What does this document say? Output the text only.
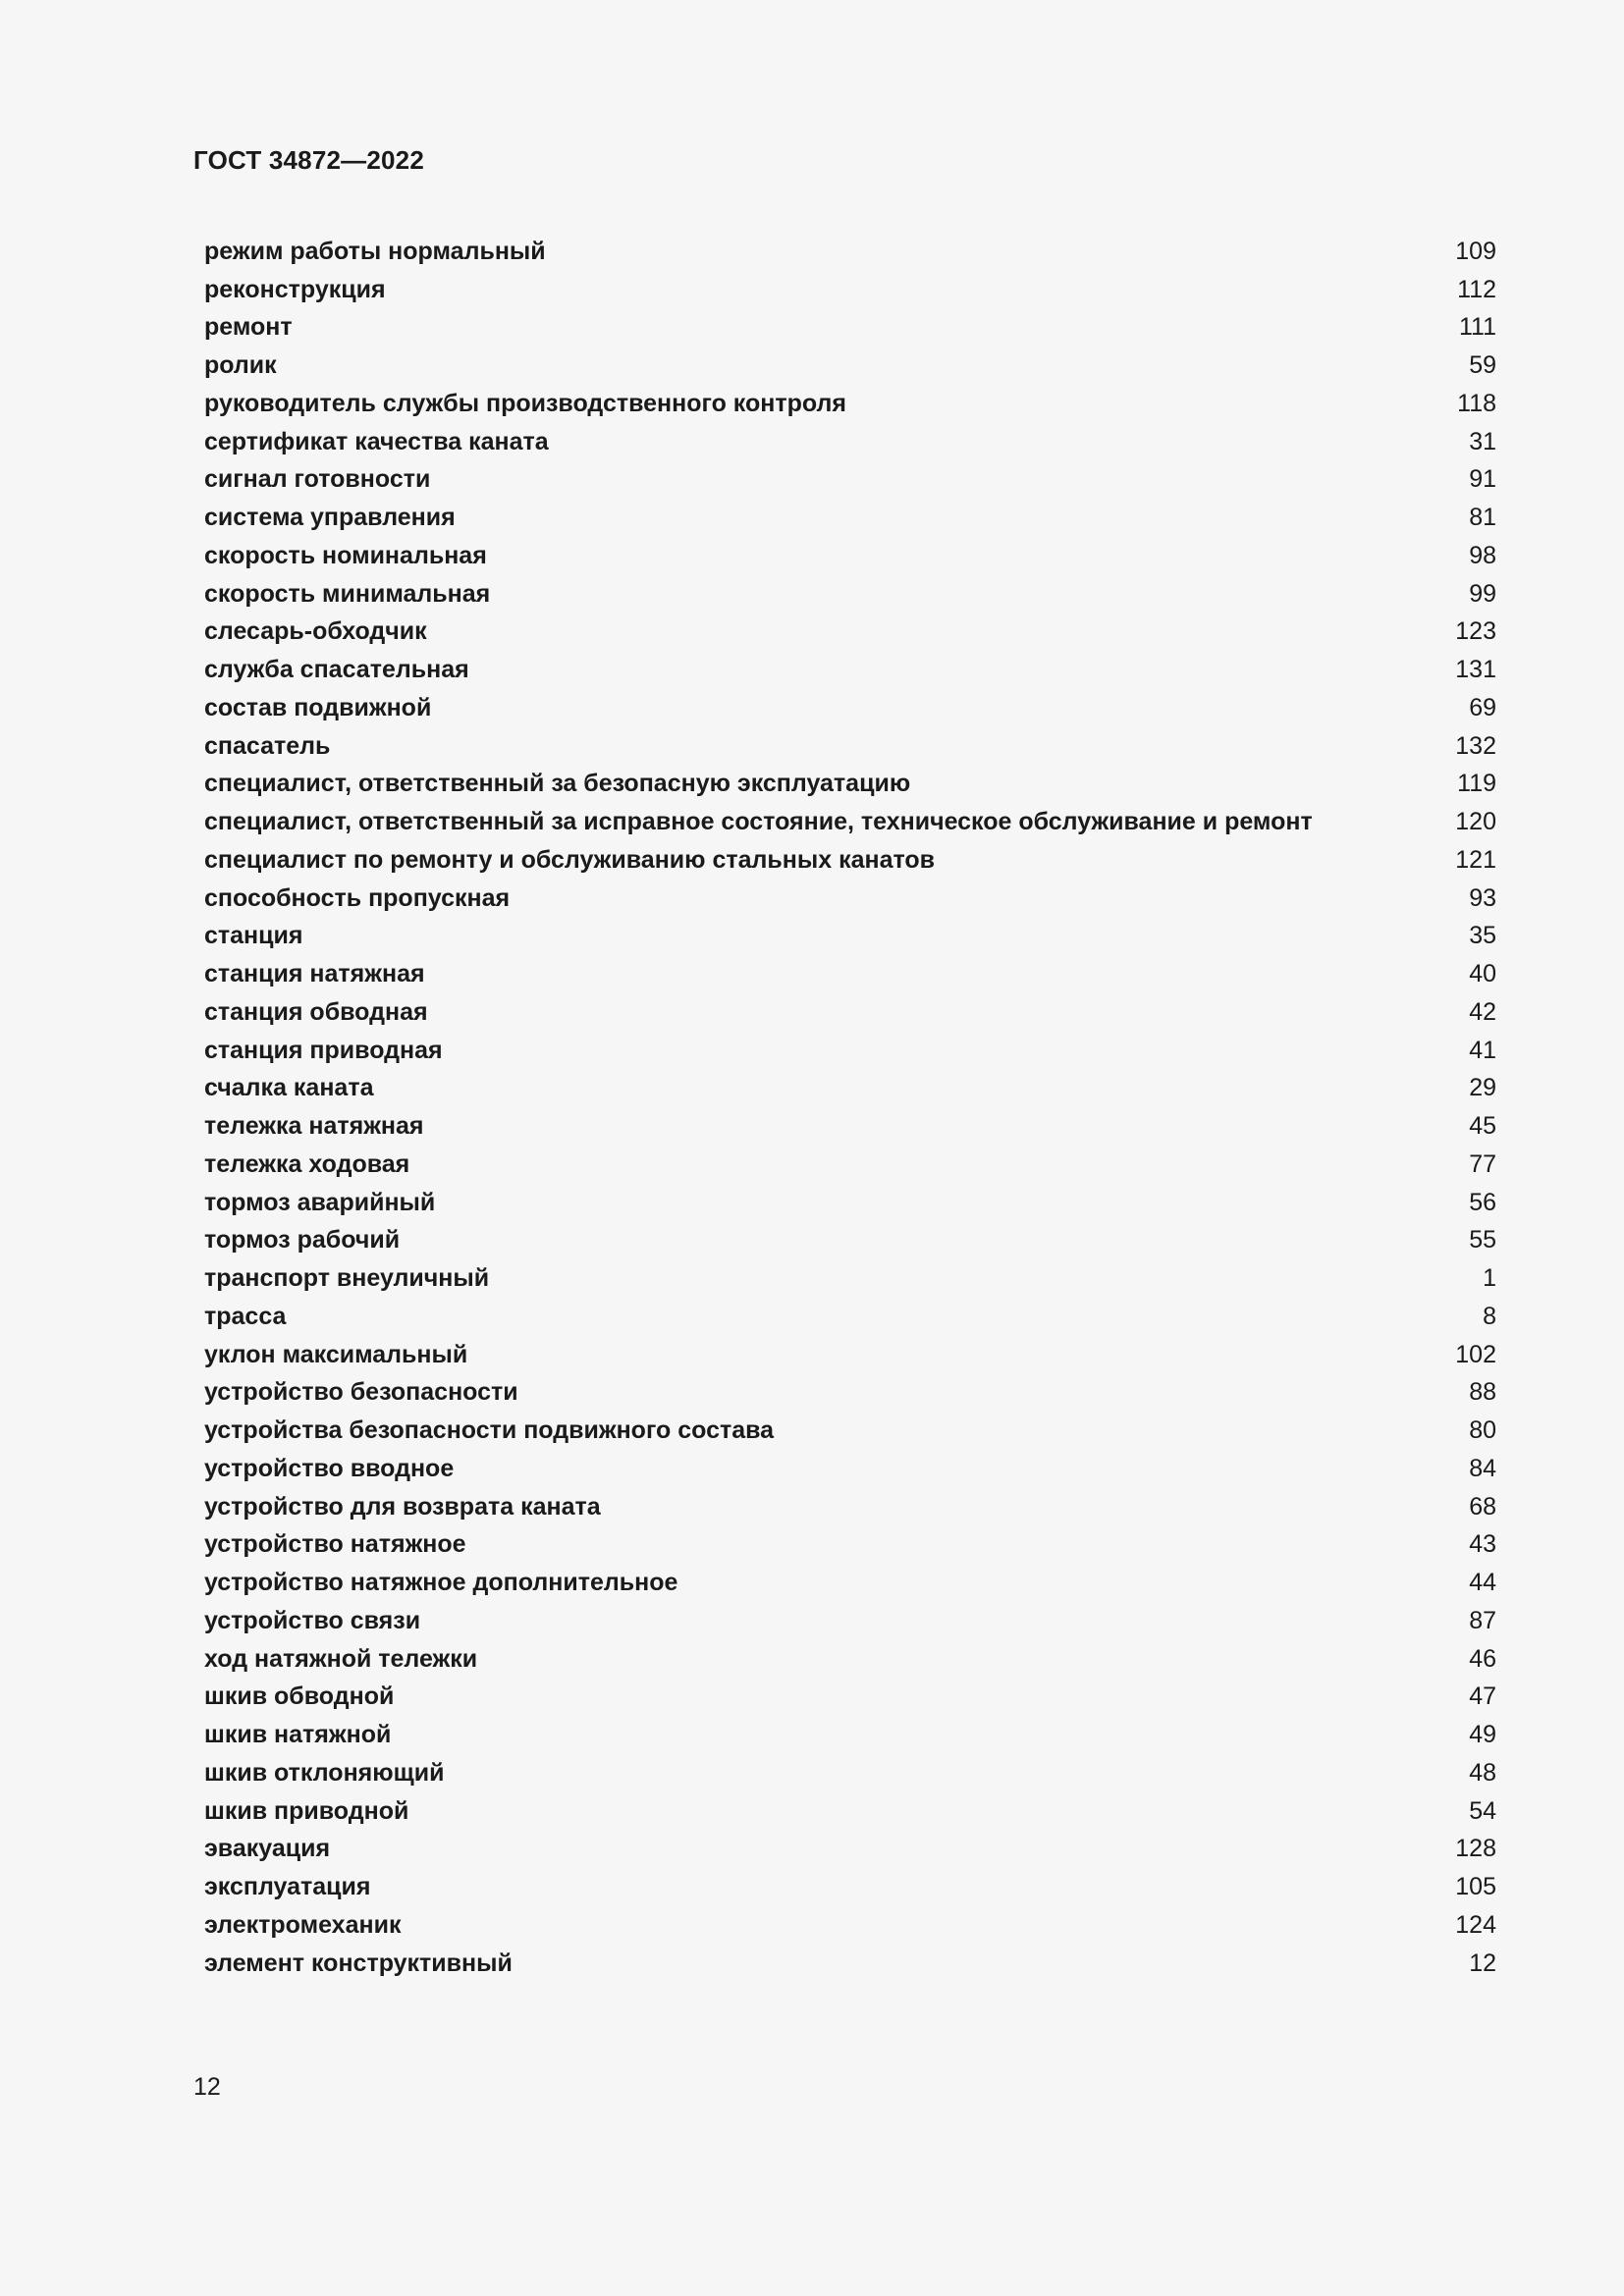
ГОСТ 34872—2022
режим работы нормальный	109
реконструкция	112
ремонт	111
ролик	59
руководитель службы производственного контроля	118
сертификат качества каната	31
сигнал готовности	91
система управления	81
скорость номинальная	98
скорость минимальная	99
слесарь-обходчик	123
служба спасательная	131
состав подвижной	69
спасатель	132
специалист, ответственный за безопасную эксплуатацию	119
специалист, ответственный за исправное состояние, техническое обслуживание и ремонт	120
специалист по ремонту и обслуживанию стальных канатов	121
способность пропускная	93
станция	35
станция натяжная	40
станция обводная	42
станция приводная	41
счалка каната	29
тележка натяжная	45
тележка ходовая	77
тормоз аварийный	56
тормоз рабочий	55
транспорт внеуличный	1
трасса	8
уклон максимальный	102
устройство безопасности	88
устройства безопасности подвижного состава	80
устройство вводное	84
устройство для возврата каната	68
устройство натяжное	43
устройство натяжное дополнительное	44
устройство связи	87
ход натяжной тележки	46
шкив обводной	47
шкив натяжной	49
шкив отклоняющий	48
шкив приводной	54
эвакуация	128
эксплуатация	105
электромеханик	124
элемент конструктивный	12
12
